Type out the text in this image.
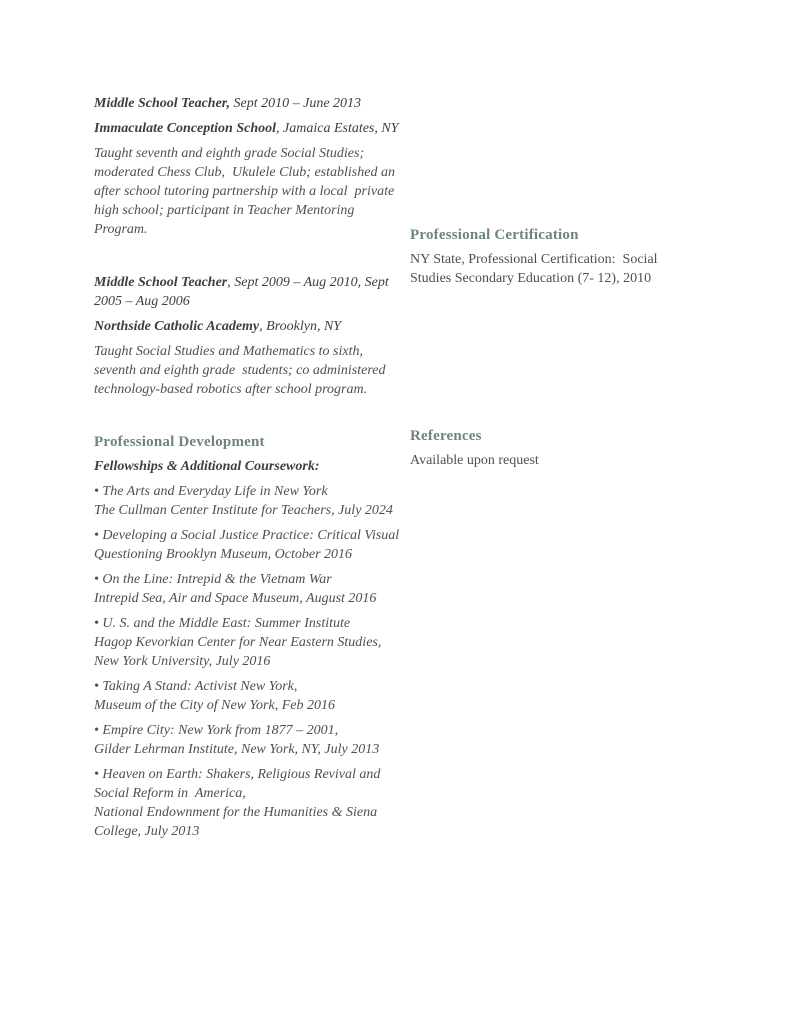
Middle School Teacher, Sept 2010 – June 2013

Immaculate Conception School, Jamaica Estates, NY

Taught seventh and eighth grade Social Studies; moderated Chess Club,  Ukulele Club; established an after school tutoring partnership with a local  private high school; participant in Teacher Mentoring Program.

Middle School Teacher, Sept 2009 – Aug 2010, Sept 2005 – Aug 2006

Northside Catholic Academy, Brooklyn, NY

Taught Social Studies and Mathematics to sixth, seventh and eighth grade  students; co administered technology-based robotics after school program.

Professional Development

Fellowships & Additional Coursework:

• The Arts and Everyday Life in New York
The Cullman Center Institute for Teachers, July 2024

• Developing a Social Justice Practice: Critical Visual
Questioning Brooklyn Museum, October 2016

• On the Line: Intrepid & the Vietnam War
Intrepid Sea, Air and Space Museum, August 2016

• U. S. and the Middle East: Summer Institute
Hagop Kevorkian Center for Near Eastern Studies,
New York University, July 2016

• Taking A Stand: Activist New York,
Museum of the City of New York, Feb 2016

• Empire City: New York from 1877 – 2001,
Gilder Lehrman Institute, New York, NY, July 2013

• Heaven on Earth: Shakers, Religious Revival and
Social Reform in  America,
National Endownment for the Humanities & Siena
College, July 2013

Professional Certification

NY State, Professional Certification:  Social Studies Secondary Education (7- 12), 2010

References

Available upon request
